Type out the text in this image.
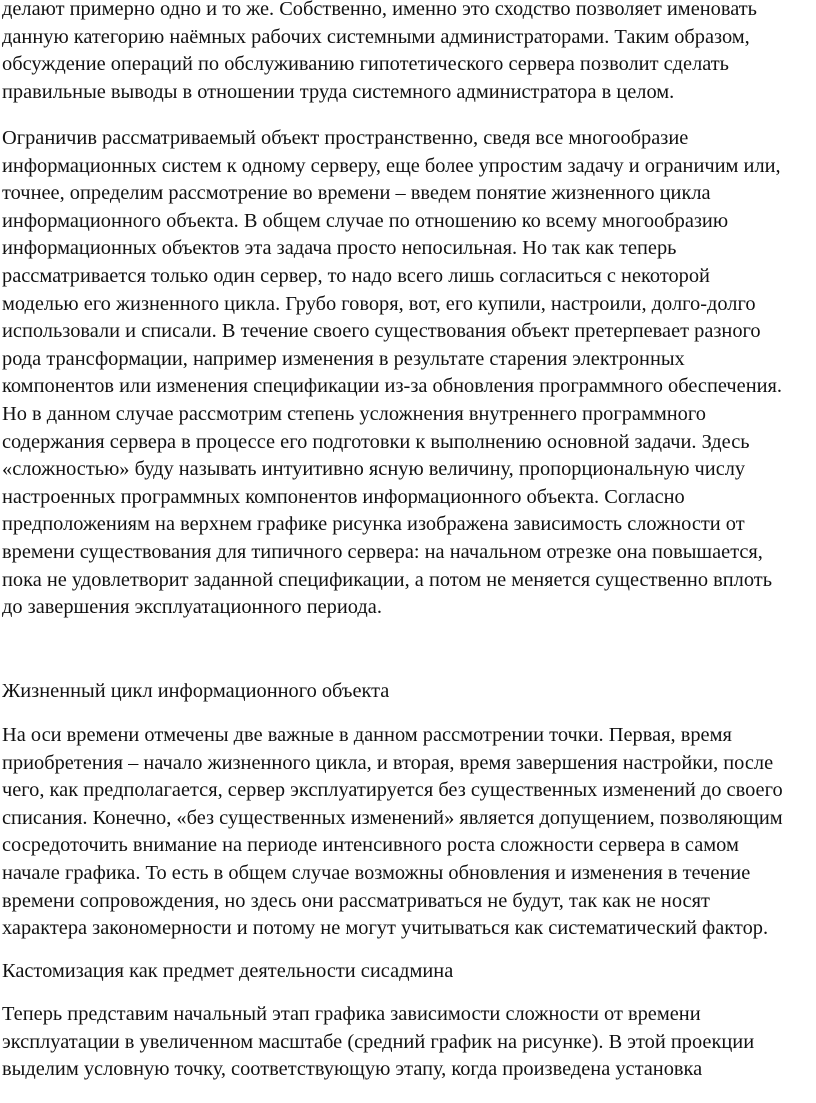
делают примерно одно и то же. Собственно, именно это сходство позволяет именовать
данную категорию наёмных рабочих системными администраторами. Таким образом,
обсуждение операций по обслуживанию гипотетического сервера позволит сделать
правильные выводы в отношении труда системного администратора в целом.
Ограничив рассматриваемый объект пространственно, сведя все многообразие
информационных систем к одному серверу, еще более упростим задачу и ограничим или,
точнее, определим рассмотрение во времени – введем понятие жизненного цикла
информационного объекта. В общем случае по отношению ко всему многообразию
информационных объектов эта задача просто непосильная. Но так как теперь
рассматривается только один сервер, то надо всего лишь согласиться с некоторой
моделью его жизненного цикла. Грубо говоря, вот, его купили, настроили, долго-долго
использовали и списали. В течение своего существования объект претерпевает разного
рода трансформации, например изменения в результате старения электронных
компонентов или изменения спецификации из-за обновления программного обеспечения.
Но в данном случае рассмотрим степень усложнения внутреннего программного
содержания сервера в процессе его подготовки к выполнению основной задачи. Здесь
«сложностью» буду называть интуитивно ясную величину, пропорциональную числу
настроенных программных компонентов информационного объекта. Согласно
предположениям на верхнем графике рисунка изображена зависимость сложности от
времени существования для типичного сервера: на начальном отрезке она повышается,
пока не удовлетворит заданной спецификации, а потом не меняется существенно вплоть
до завершения эксплуатационного периода.
Жизненный цикл информационного объекта
На оси времени отмечены две важные в данном рассмотрении точки. Первая, время
приобретения – начало жизненного цикла, и вторая, время завершения настройки, после
чего, как предполагается, сервер эксплуатируется без существенных изменений до своего
списания. Конечно, «без существенных изменений» является допущением, позволяющим
сосредоточить внимание на периоде интенсивного роста сложности сервера в самом
начале графика. То есть в общем случае возможны обновления и изменения в течение
времени сопровождения, но здесь они рассматриваться не будут, так как не носят
характера закономерности и потому не могут учитываться как систематический фактор.
Кастомизация как предмет деятельности сисадмина
Теперь представим начальный этап графика зависимости сложности от времени
эксплуатации в увеличенном масштабе (средний график на рисунке). В этой проекции
выделим условную точку, соответствующую этапу, когда произведена установка
